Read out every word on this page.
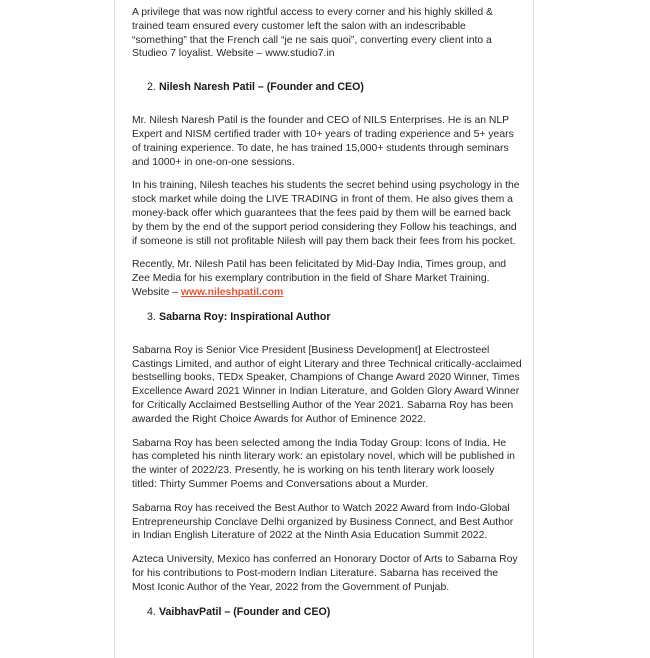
A privilege that was now rightful access to every corner and his highly skilled & trained team ensured every customer left the salon with an indescribable “something” that the French call “je ne sais quoi”, converting every client into a Studieo 7 loyalist. Website – www.studio7.in

2. Nilesh Naresh Patil – (Founder and CEO)

Mr. Nilesh Naresh Patil is the founder and CEO of NILS Enterprises. He is an NLP Expert and NISM certified trader with 10+ years of trading experience and 5+ years of training experience. To date, he has trained 15,000+ students through seminars and 1000+ in one-on-one sessions.

In his training, Nilesh teaches his students the secret behind using psychology in the stock market while doing the LIVE TRADING in front of them. He also gives them a money-back offer which guarantees that the fees paid by them will be earned back by them by the end of the support period considering they Follow his teachings, and if someone is still not profitable Nilesh will pay them back their fees from his pocket.

Recently, Mr. Nilesh Patil has been felicitated by Mid-Day India, Times group, and Zee Media for his exemplary contribution in the field of Share Market Training. Website – www.nileshpatil.com

3. Sabarna Roy: Inspirational Author

Sabarna Roy is Senior Vice President [Business Development] at Electrosteel Castings Limited, and author of eight Literary and three Technical critically-acclaimed bestselling books, TEDx Speaker, Champions of Change Award 2020 Winner, Times Excellence Award 2021 Winner in Indian Literature, and Golden Glory Award Winner for Critically Acclaimed Bestselling Author of the Year 2021. Sabarna Roy has been awarded the Right Choice Awards for Author of Eminence 2022.

Sabarna Roy has been selected among the India Today Group: Icons of India. He has completed his ninth literary work: an epistolary novel, which will be published in the winter of 2022/23. Presently, he is working on his tenth literary work loosely titled: Thirty Summer Poems and Conversations about a Murder.

Sabarna Roy has received the Best Author to Watch 2022 Award from Indo-Global Entrepreneurship Conclave Delhi organized by Business Connect, and Best Author in Indian English Literature of 2022 at the Ninth Asia Education Summit 2022.

Azteca University, Mexico has conferred an Honorary Doctor of Arts to Sabarna Roy for his contributions to Post-modern Indian Literature. Sabarna has received the Most Iconic Author of the Year, 2022 from the Government of Punjab.

4. VaibhavPatil – (Founder and CEO)
